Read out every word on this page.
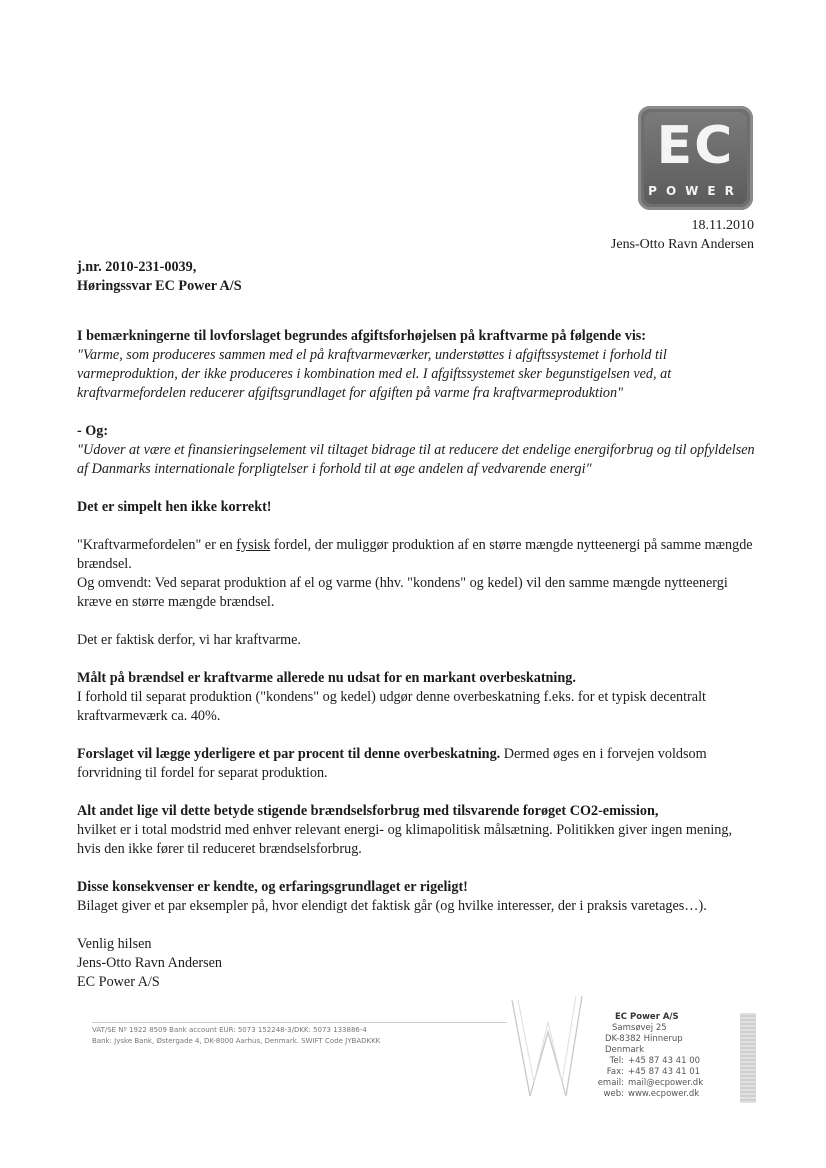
EC
POWER
18.11.2010
Jens-Otto Ravn Andersen

j.nr. 2010-231-0039,

Høringssvar EC Power A/S

I bemærkningerne til lovforslaget begrundes afgiftsforhøjelsen på kraftvarme på følgende vis:

"Varme, som produceres sammen med el på kraftvarmeværker, understøttes i afgiftssystemet i forhold til varmeproduktion, der ikke produceres i kombination med el. I afgiftssystemet sker begunstigelsen ved, at kraftvarmefordelen reducerer afgiftsgrundlaget for afgiften på varme fra kraftvarmeproduktion"

- Og:

"Udover at være et finansieringselement vil tiltaget bidrage til at reducere det endelige energiforbrug og til opfyldelsen af Danmarks internationale forpligtelser i forhold til at øge andelen af vedvarende energi"

Det er simpelt hen ikke korrekt!

"Kraftvarmefordelen" er en fysisk fordel, der muliggør produktion af en større mængde nytteenergi på samme mængde brændsel.

Og omvendt: Ved separat produktion af el og varme (hhv. "kondens" og kedel) vil den samme mængde nytteenergi kræve en større mængde brændsel.

Det er faktisk derfor, vi har kraftvarme.

Målt på brændsel er kraftvarme allerede nu udsat for en markant overbeskatning.

I forhold til separat produktion ("kondens" og kedel) udgør denne overbeskatning f.eks. for et typisk decentralt kraftvarmeværk ca. 40%.

Forslaget vil lægge yderligere et par procent til denne overbeskatning. Dermed øges en i forvejen voldsom forvridning til fordel for separat produktion.

Alt andet lige vil dette betyde stigende brændselsforbrug med tilsvarende forøget CO2-emission,

hvilket er i total modstrid med enhver relevant energi- og klimapolitisk målsætning. Politikken giver ingen mening, hvis den ikke fører til reduceret brændselsforbrug.

Disse konsekvenser er kendte, og erfaringsgrundlaget er rigeligt!

Bilaget giver et par eksempler på, hvor elendigt det faktisk går (og hvilke interesser, der i praksis varetages…).

Venlig hilsen

Jens-Otto Ravn Andersen

EC Power A/S

VAT/SE Nº 1922 8509 Bank account EUR: 5073 152248-3/DKK: 5073 133886-4
Bank: Jyske Bank, Østergade 4, DK-8000 Aarhus, Denmark. SWIFT Code JYBADKKK
EC Power A/S
Samsøvej 25
DK-8382 Hinnerup
Denmark
Tel: +45 87 43 41 00
Fax: +45 87 43 41 01
email: mail@ecpower.dk
web: www.ecpower.dk
